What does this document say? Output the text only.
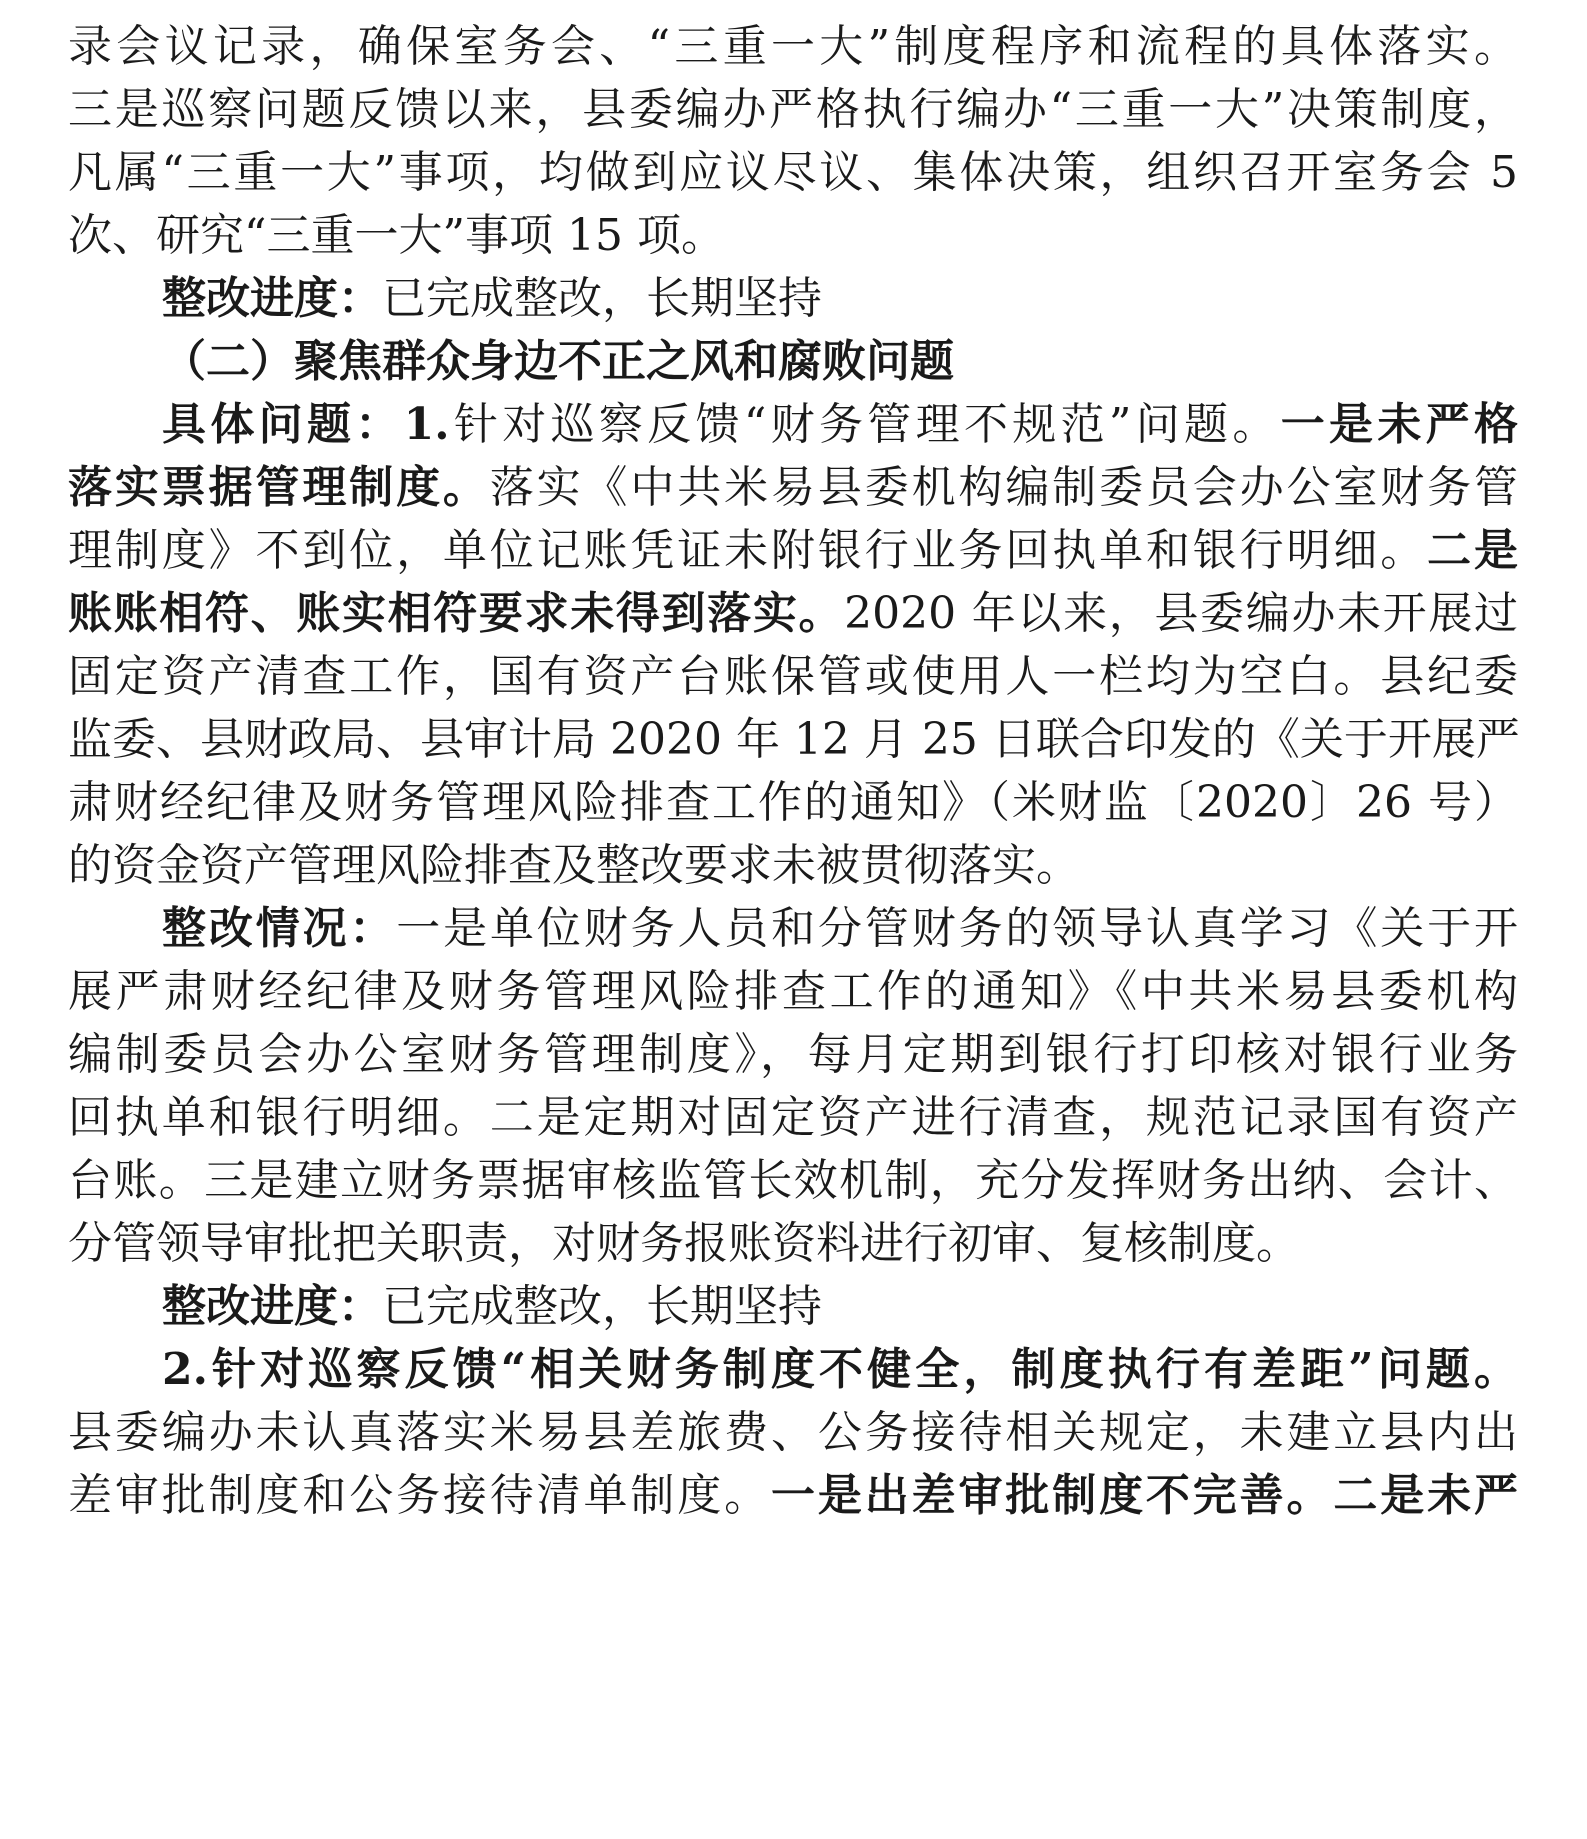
录会议记录，确保室务会、“三重一大”制度程序和流程的具体落实。
三是巡察问题反馈以来，县委编办严格执行编办“三重一大”决策制度，
凡属“三重一大”事项，均做到应议尽议、集体决策，组织召开室务会 5
次、研究“三重一大”事项 15 项。
整改进度：已完成整改，长期坚持
（二）聚焦群众身边不正之风和腐败问题
具体问题：1.针对巡察反馈“财务管理不规范”问题。一是未严格
落实票据管理制度。落实《中共米易县委机构编制委员会办公室财务管
理制度》不到位，单位记账凭证未附银行业务回执单和银行明细。二是
账账相符、账实相符要求未得到落实。2020 年以来，县委编办未开展过
固定资产清查工作，国有资产台账保管或使用人一栏均为空白。县纪委
监委、县财政局、县审计局 2020 年 12 月 25 日联合印发的《关于开展严
肃财经纪律及财务管理风险排查工作的通知》（米财监〔2020〕26 号）
的资金资产管理风险排查及整改要求未被贯彻落实。
整改情况：一是单位财务人员和分管财务的领导认真学习《关于开
展严肃财经纪律及财务管理风险排查工作的通知》《中共米易县委机构
编制委员会办公室财务管理制度》，每月定期到银行打印核对银行业务
回执单和银行明细。二是定期对固定资产进行清查，规范记录国有资产
台账。三是建立财务票据审核监管长效机制，充分发挥财务出纳、会计、
分管领导审批把关职责，对财务报账资料进行初审、复核制度。
整改进度：已完成整改，长期坚持
2.针对巡察反馈“相关财务制度不健全，制度执行有差距”问题。
县委编办未认真落实米易县差旅费、公务接待相关规定，未建立县内出
差审批制度和公务接待清单制度。一是出差审批制度不完善。二是未严
